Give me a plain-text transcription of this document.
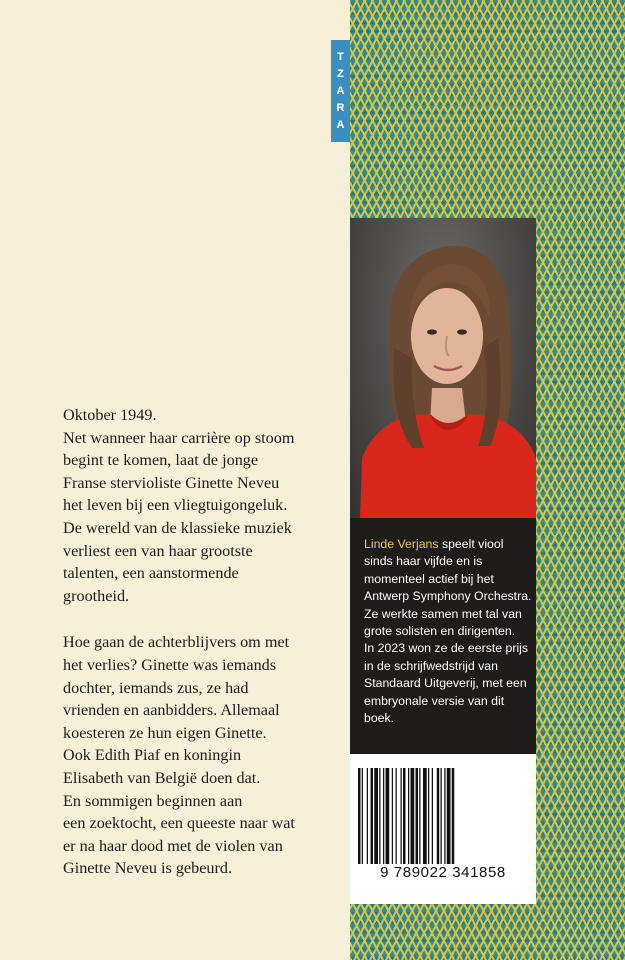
Oktober 1949.
Net wanneer haar carrière op stoom
begint te komen, laat de jonge
Franse stervioliste Ginette Neveu
het leven bij een vliegtuigongeluk.
De wereld van de klassieke muziek
verliest een van haar grootste
talenten, een aanstormende
grootheid.

Hoe gaan de achterblijvers om met
het verlies? Ginette was iemands
dochter, iemands zus, ze had
vrienden en aanbidders. Allemaal
koesteren ze hun eigen Ginette.
Ook Edith Piaf en koningin
Elisabeth van België doen dat.
En sommigen beginnen aan
een zoektocht, een queeste naar wat
er na haar dood met de violen van
Ginette Neveu is gebeurd.

TZARA

Linde Verjans speelt viool sinds haar vijfde en is momenteel actief bij het Antwerp Symphony Orchestra. Ze werkte samen met tal van grote solisten en dirigenten.

In 2023 won ze de eerste prijs in de schrijfwedstrijd van Standaard Uitgeverij, met een embryonale versie van dit boek.

9 789022 341858
